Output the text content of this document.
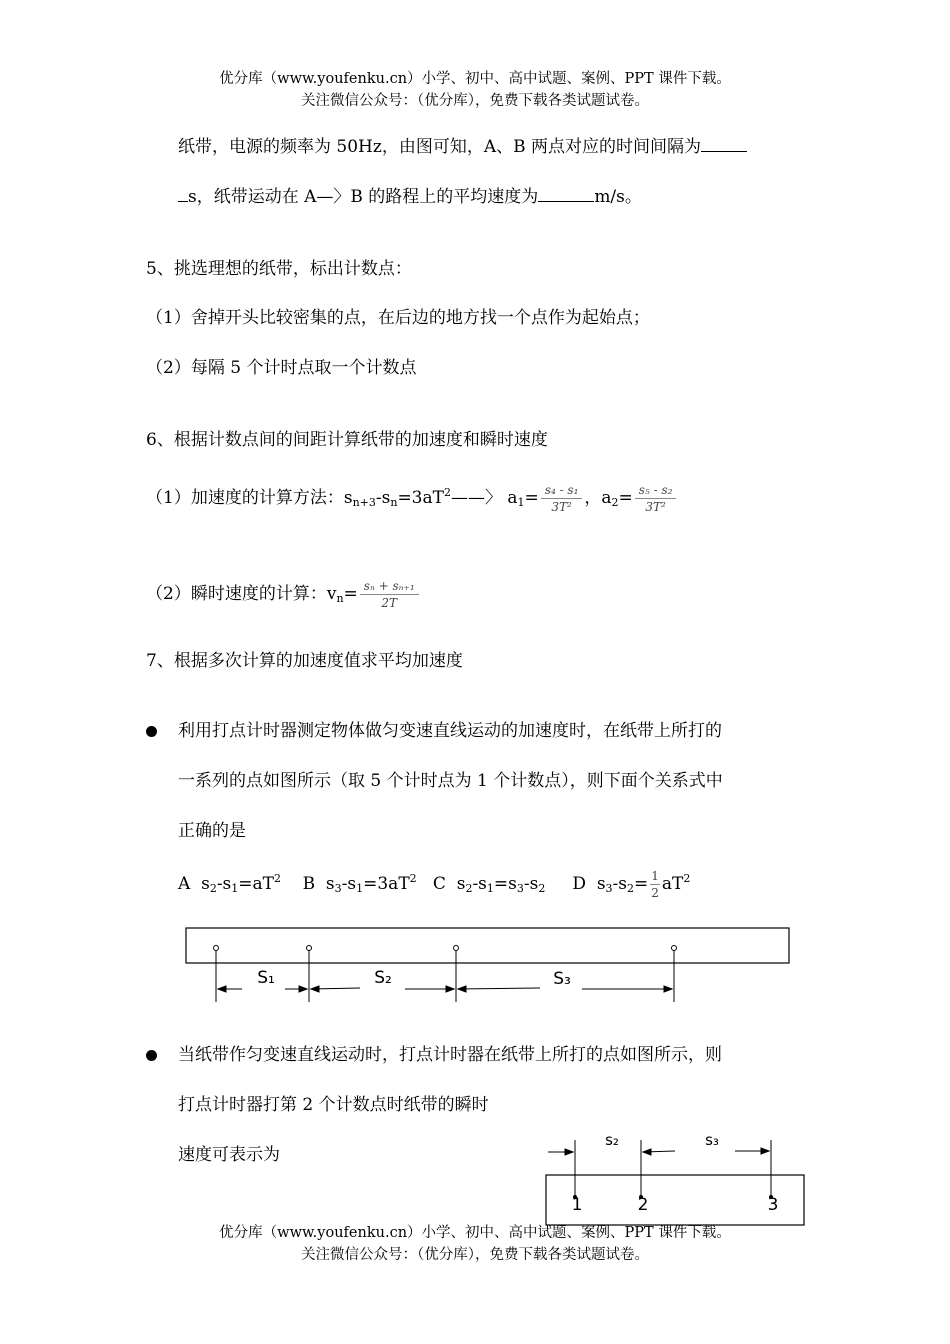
优分库（www.youfenku.cn）小学、初中、高中试题、案例、PPT 课件下载。
关注微信公众号：（优分库），免费下载各类试题试卷。
纸带，电源的频率为 50Hz，由图可知，A、B 两点对应的时间间隔为
s，纸带运动在 A—〉B 的路程上的平均速度为	m/s。
5、挑选理想的纸带，标出计数点：
（1）舍掉开头比较密集的点，在后边的地方找一个点作为起始点；
（2）每隔 5 个计时点取一个计数点
6、根据计数点间的间距计算纸带的加速度和瞬时速度
（1）加速度的计算方法：$s_{n+3}-s_n=3aT^2——$〉 $a_1= \frac{\text{s₄ - s₁}}{\text{3T²}}$ ，$a_2= \frac{\text{s₅ - s₂}}{\text{3T²}}$
（2）瞬时速度的计算：$v_n= \frac{\text{sₙ + sₙ₊₁}}{2T}$
7、根据多次计算的加速度值求平均加速度
利用打点计时器测定物体做匀变速直线运动的加速度时，在纸带上所打的
一系列的点如图所示（取 5 个计时点为 1 个计数点），则下面个关系式中
正确的是
A  $s_2-s_1=aT^2$ B  $s_3-s_1=3aT^2$ C  $s_2-s_1=s_3-s_2$ D  $s_3-s_2= \frac{1}{2} aT^2$
S₁	S₂	S₃
当纸带作匀变速直线运动时，打点计时器在纸带上所打的点如图所示，则
打点计时器打第 2 个计数点时纸带的瞬时
速度可表示为
s₂	s₃
1	2	3
优分库（www.youfenku.cn）小学、初中、高中试题、案例、PPT 课件下载。
关注微信公众号：（优分库），免费下载各类试题试卷。
